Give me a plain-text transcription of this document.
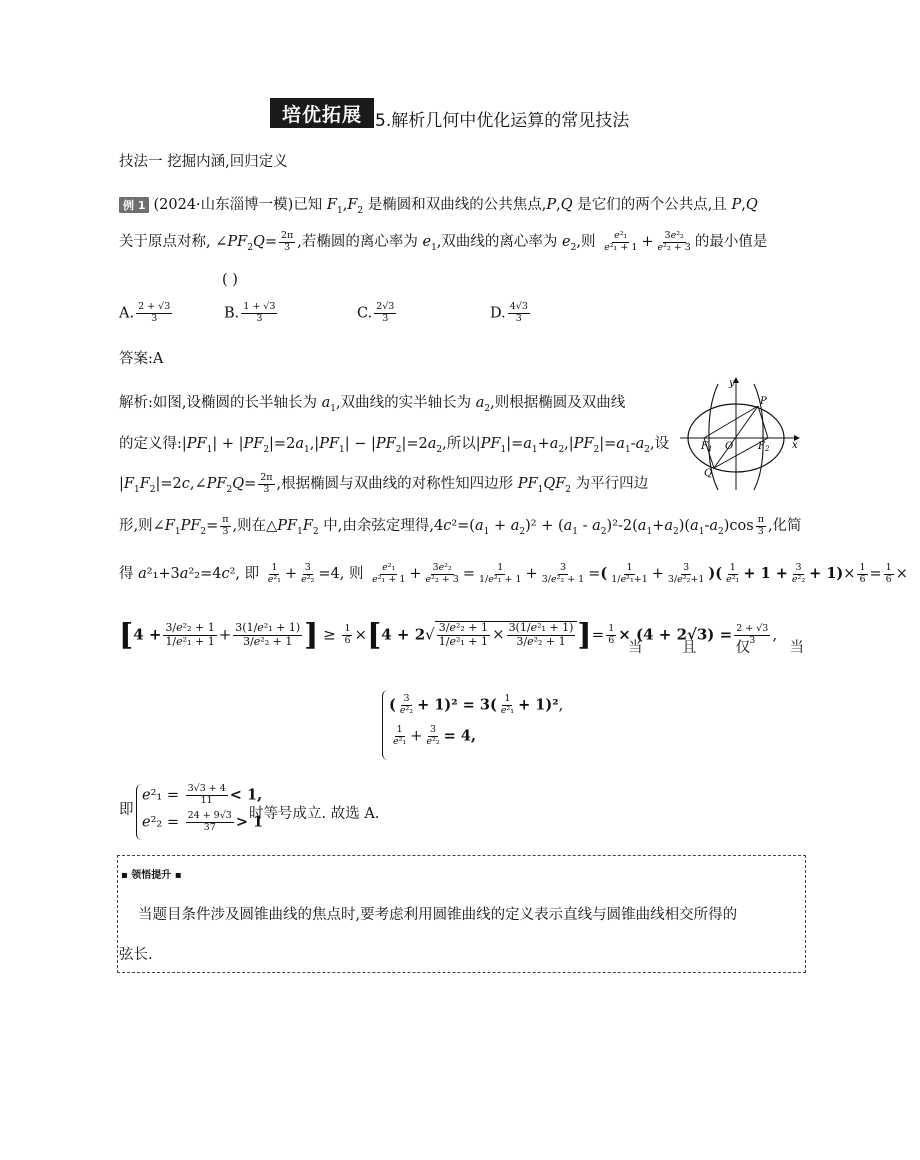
培优拓展 5.解析几何中优化运算的常见技法
技法一 挖掘内涵,回归定义
例 1 (2024·山东淄博一模)已知 $F_1,F_2$ 是椭圆和双曲线的公共焦点,P,Q 是它们的两个公共点,且 P,Q
关于原点对称, $\angle PF_2Q= \frac{2\pi}{3}$ ,若椭圆的离心率为 $e_1$,双曲线的离心率为 $e_2$,则 $\frac{\text{e²₁}}{\text{e²₁ + 1}} + \frac{\text{3e²₂}}{\text{e²₂ + 3}}$ 的最小值是
( )
A. $\frac{2 + √3}{3}$	B. $\frac{1 + √3}{3}$	C. $\frac{2√3}{3}$	D. $\frac{4√3}{3}$
答案:A
解析:如图,设椭圆的长半轴长为 $a_1$,双曲线的实半轴长为 $a_2$,则根据椭圆及双曲线
的定义得$:|PF_1| + |PF_2|=2a_1,|PF_1| - |PF_2|=2a_2$,所以$|PF_1|=a_1+a_2,|PF_2|=a_1-a_2$,设
$|F_1F_2|=2c,\angle PF_2Q= \frac{2\pi}{3}$ ,根据椭圆与双曲线的对称性知四边形 $PF_1QF_2$ 为平行四边
形,则$\angle F_1PF_2= \frac{\pi}{3}$ ,则在$\triangle PF_1F_2$ 中,由余弦定理得$,4c^2=(a_1 + a_2)^2 + (a_1 - a_2)^2-2(a_1+a_2)(a_1-a_2)\cos \frac{\pi}{3}$ ,化简
得 a²₁+3a²₂=4c², 即 $\frac{1}{\text{e²₁}} + \frac{3}{\text{e²₂}} =4$, 则 $\frac{\text{e²₁}}{\text{e²₁ + 1}} + \frac{\text{3e²₂}}{\text{e²₂ + 3}} = \frac{1}{\text{1/e²₁ + 1}} + \frac{3}{\text{3/e²₂ + 1}}$ =( $\frac{1}{\text{1/e²₁+1}} + \frac{3}{\text{3/e²₂+1}}$ )( $\frac{1}{\text{e²₁}} + 1 + \frac{3}{\text{e²₂}} + 1)\times \frac{1}{6} = \frac{1}{6}$ ×
[$4 + \frac{\text{3/e²₂ + 1}}{\text{1/e²₁ + 1}} + \frac{\text{3(1/e²₁ + 1)}}{\text{3/e²₂ + 1}}$ ] ≥ $\frac{1}{6} \times[4 + 2√ \frac{\text{3/e²₂ + 1}}{\text{1/e²₁ + 1}} \times \frac{\text{3(1/e²₁ + 1)}}{\text{3/e²₂ + 1}}$ ]= $\frac{1}{6} \times (4 + 2√3) = \frac{2 + √3}{3}$ ,
当	且	仅	当
( $\frac{3}{\text{e²₂}} + 1)^2 = 3( \frac{1}{\text{e²₁}} + 1)^2$,
$\frac{1}{\text{e²₁}} + \frac{3}{\text{e²₂}} = 4$,
即
$e^2_1 = \frac{3√3 + 4}{11} < 1$,
$e^2_2 = \frac{24 + 9√3}{37} > 1$
时等号成立. 故选 A.
y
P
$F_1$ O $F_2$ x
Q
▪ 领悟提升 ▪
当题目条件涉及圆锥曲线的焦点时,要考虑利用圆锥曲线的定义表示直线与圆锥曲线相交所得的
弦长.
